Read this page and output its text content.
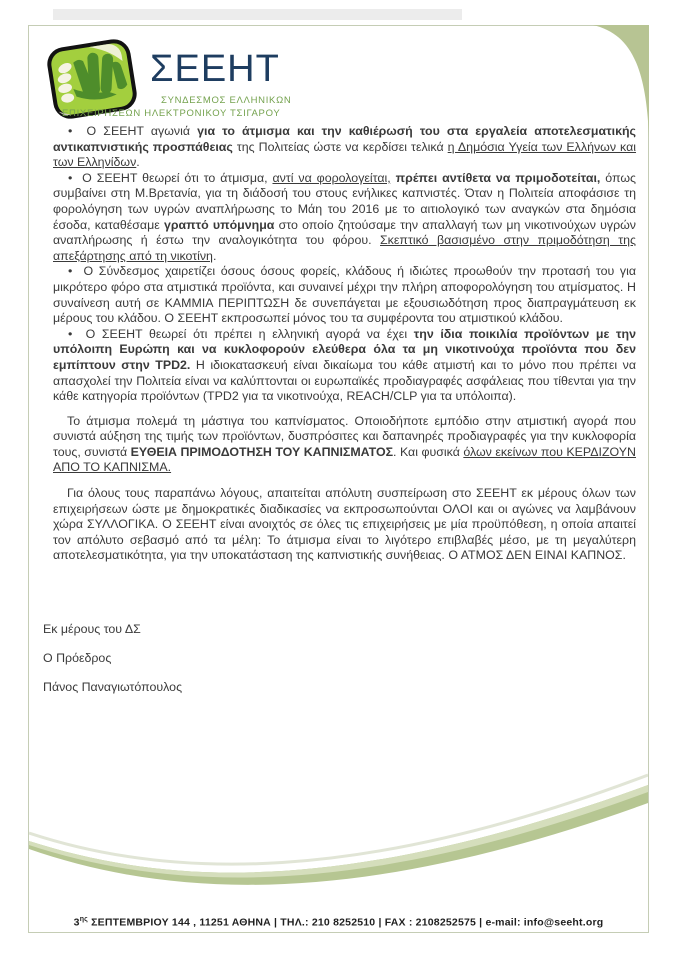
$3^{\eta\varsigma}$ ΣΕΠΤΕΜΒΡΙΟΥ 144 , 11251 ΑΘΗΝΑ | ΤΗΛ.: 210 8252510 | FAX : 2108252575 | e-mail: info@seeht.org
ΣΕΕΗΤ
ΣΥΝΔΕΣΜΟΣ ΕΛΛΗΝΙΚΩΝ
ΕΠΙΧΕΙΡΗΣΕΩΝ ΗΛΕΚΤΡΟΝΙΚΟΥ ΤΣΙΓΑΡΟΥ

•  Ο ΣΕΕΗΤ αγωνιά για το άτμισμα και την καθιέρωσή του στα εργαλεία αποτελεσματικής αντικαπνιστικής προσπάθειας της Πολιτείας ώστε να κερδίσει τελικά η Δημόσια Υγεία των Ελλήνων και των Ελληνίδων.

•  Ο ΣΕΕΗΤ θεωρεί ότι το άτμισμα, αντί να φορολογείται, πρέπει αντίθετα να πριμοδοτείται, όπως συμβαίνει στη Μ.Βρετανία, για τη διάδοσή του στους ενήλικες καπνιστές. Όταν η Πολιτεία αποφάσισε τη φορολόγηση των υγρών αναπλήρωσης το Μάη του 2016 με το αιτιολογικό των αναγκών στα δημόσια έσοδα, καταθέσαμε γραπτό υπόμνημα στο οποίο ζητούσαμε την απαλλαγή των μη νικοτινούχων υγρών αναπλήρωσης ή έστω την αναλογικότητα του φόρου. Σκεπτικό βασισμένο στην πριμοδότηση της απεξάρτησης από τη νικοτίνη.

•  Ο Σύνδεσμος χαιρετίζει όσους όσους φορείς, κλάδους ή ιδιώτες προωθούν την προτασή του για μικρότερο φόρο στα ατμιστικά προϊόντα, και συναινεί μέχρι την πλήρη αποφορολόγηση του ατμίσματος. Η συναίνεση αυτή σε ΚΑΜΜΙΑ ΠΕΡΙΠΤΩΣΗ δε συνεπάγεται με εξουσιωδότηση προς διαπραγμάτευση εκ μέρους του κλάδου. Ο ΣΕΕΗΤ εκπροσωπεί μόνος του τα συμφέροντα του ατμιστικού κλάδου.

•  Ο ΣΕΕΗΤ θεωρεί ότι πρέπει η ελληνική αγορά να έχει την ίδια ποικιλία προϊόντων με την υπόλοιπη Ευρώπη και να κυκλοφορούν ελεύθερα όλα τα μη νικοτινούχα προϊόντα που δεν εμπίπτουν στην TPD2. Η ιδιοκατασκευή είναι δικαίωμα του κάθε ατμιστή και το μόνο που πρέπει να απασχολεί την Πολιτεία είναι να καλύπτονται οι ευρωπαϊκές προδιαγραφές ασφάλειας που τίθενται για την κάθε κατηγορία προϊόντων (TPD2 για τα νικοτινούχα, REACH/CLP για τα υπόλοιπα).

Το άτμισμα πολεμά τη μάστιγα του καπνίσματος. Οποιοδήποτε εμπόδιο στην ατμιστική αγορά που συνιστά αύξηση της τιμής των προϊόντων, δυσπρόσιτες και δαπανηρές προδιαγραφές για την κυκλοφορία τους, συνιστά ΕΥΘΕΙΑ ΠΡΙΜΟΔΟΤΗΣΗ ΤΟΥ ΚΑΠΝΙΣΜΑΤΟΣ. Και φυσικά όλων εκείνων που ΚΕΡΔΙΖΟΥΝ ΑΠΟ ΤΟ ΚΑΠΝΙΣΜΑ.

Για όλους τους παραπάνω λόγους, απαιτείται απόλυτη συσπείρωση στο ΣΕΕΗΤ εκ μέρους όλων των επιχειρήσεων ώστε με δημοκρατικές διαδικασίες να εκπροσωπούνται ΟΛΟΙ και οι αγώνες να λαμβάνουν χώρα ΣΥΛΛΟΓΙΚΑ. Ο ΣΕΕΗΤ είναι ανοιχτός σε όλες τις επιχειρήσεις με μία προϋπόθεση, η οποία απαιτεί τον απόλυτο σεβασμό από τα μέλη: Το άτμισμα είναι το λιγότερο επιβλαβές μέσο, με τη μεγαλύτερη αποτελεσματικότητα, για την υποκατάσταση της καπνιστικής συνήθειας. Ο ΑΤΜΟΣ ΔΕΝ ΕΙΝΑΙ ΚΑΠΝΟΣ.

Εκ μέρους του ΔΣ

Ο Πρόεδρος

Πάνος Παναγιωτόπουλος
